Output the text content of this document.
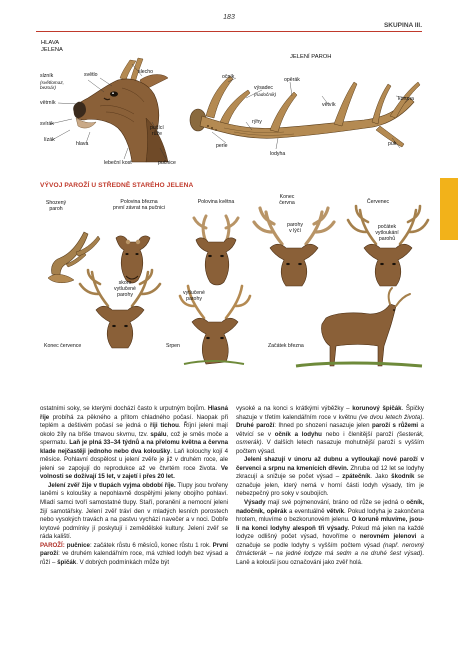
183
SKUPINA III.
HLAVA
JELENA
slecho
světlo
slzník
(světlomaz,
bezoár)
větrník
svírák
lízák
hlava
pučící
růže
lebeční kost	pučnice
JELENÍ PAROH
očník	opěrák
výsadec
(nadočník)
větvík
koruna
rýhy
perle
lodyha
puk
VÝVOJ PAROŽÍ U STŘEDNĚ STARÉHO JELENA
Shozený
paroh
Polovina března
první závrat na pučnici
Polovina května
Konec
června
parohy
v lýčí
Červenec
počátek
vytloukání
parohů
skoro
vytlučené
parohy	vytlučené
parohy
Konec července	Srpen	Začátek března

ostatními soky, se kterými dochází často k urputným bojům. Hlasná říje probíhá za pěkného a přitom chladného počasí. Naopak při teplém a deštivém počasí se jedná o říji tichou. Říjní jeleni mají okolo žíly na břiše tmavou skvrnu, tzv. spálu, což je směs moče a spermatu. Laň je plná 33–34 týdnů a na přelomu května a června klade nejčastěji jednoho nebo dva koloušky. Laň kolouchy kojí 4 měsíce. Pohlavní dospělost u jelení zvěře je již v druhém roce, ale jeleni se zapojují do reprodukce až ve čtvrtém roce života. Ve volnosti se dožívají 15 let, v zajetí i přes 20 let.

Jelení zvěř žije v tlupách vyjma období říje. Tlupy jsou tvořeny laněmi s koloušky a nepohlavně dospělými jeleny obojího pohlaví. Mladí samci tvoří samostatné tlupy. Staří, poranění a nemocní jeleni žijí samotářsky. Jelení zvěř tráví den v mladých lesních porostech nebo vysokých travách a na pastvu vychází navečer a v noci. Dobře krytové podmínky jí poskytují i zemědělské kultury. Jelení zvěř se ráda kaliští.

PAROŽÍ: pučnice: začátek růstu 6 měsíců, konec růstu 1 rok. První paroží: ve druhém kalendářním roce, má vzhled lodyh bez výsad a růží – špičák. V dobrých podmínkách může být

vysoké a na konci s krátkými výběžky – korunový špičák. Špičky shazuje v třetím kalendářním roce v květnu (ve dvou letech života). Druhé paroží: Ihned po shození nasazuje jelen paroží s růžemi a větvící se v očník a lodyhu nebo i členitější paroží (šesterák, osmerák). V dalších letech nasazuje mohutnější paroží s vyšším počtem výsad.

Jeleni shazují v únoru až dubnu a vytloukají nové paroží v červenci a srpnu na kmenících dřevin. Zhruba od 12 let se lodyhy zkracují a snižuje se počet výsad – zpátečník. Jako škodník se označuje jelen, který nemá v horní části lodyh výsady, tím je nebezpečný pro soky v soubojích.

Výsady mají své pojmenování, bráno od růže se jedná o očník, nadočník, opěrák a eventuálně větvík. Pokud lodyha je zakončena hrotem, mluvíme o bezkorunovém jelenu. O koruně mluvíme, jsou-li na konci lodyhy alespoň tři výsady. Pokud má jelen na každé lodyze odlišný počet výsad, hovoříme o nerovném jelenovi a označuje se podle lodyhy s vyšším počtem výsad (např. nerovný čtrnácterák – na jedné lodyze má sedm a na druhé šest výsad). Laně a kolouši jsou označováni jako zvěř holá.
